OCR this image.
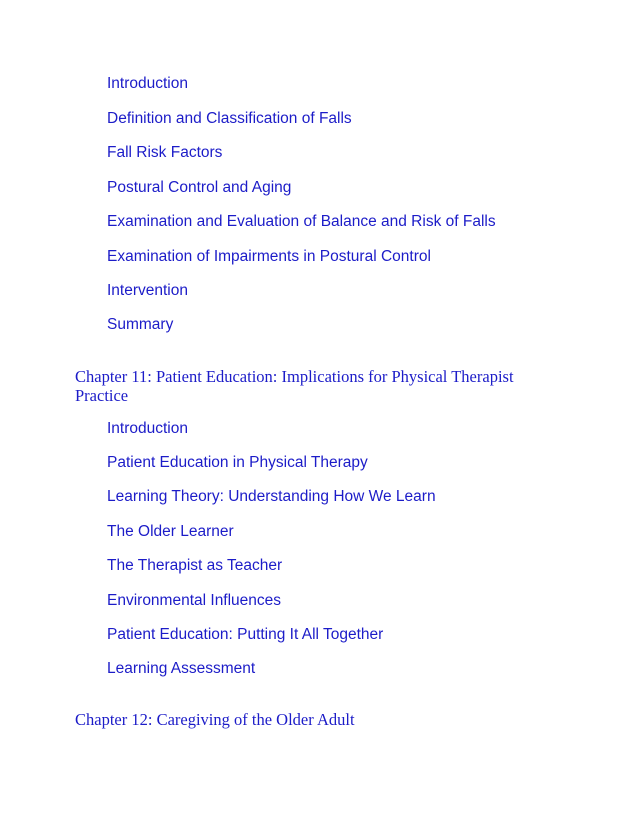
Introduction
Definition and Classification of Falls
Fall Risk Factors
Postural Control and Aging
Examination and Evaluation of Balance and Risk of Falls
Examination of Impairments in Postural Control
Intervention
Summary
Chapter 11: Patient Education: Implications for Physical Therapist Practice
Introduction
Patient Education in Physical Therapy
Learning Theory: Understanding How We Learn
The Older Learner
The Therapist as Teacher
Environmental Influences
Patient Education: Putting It All Together
Learning Assessment
Chapter 12: Caregiving of the Older Adult
